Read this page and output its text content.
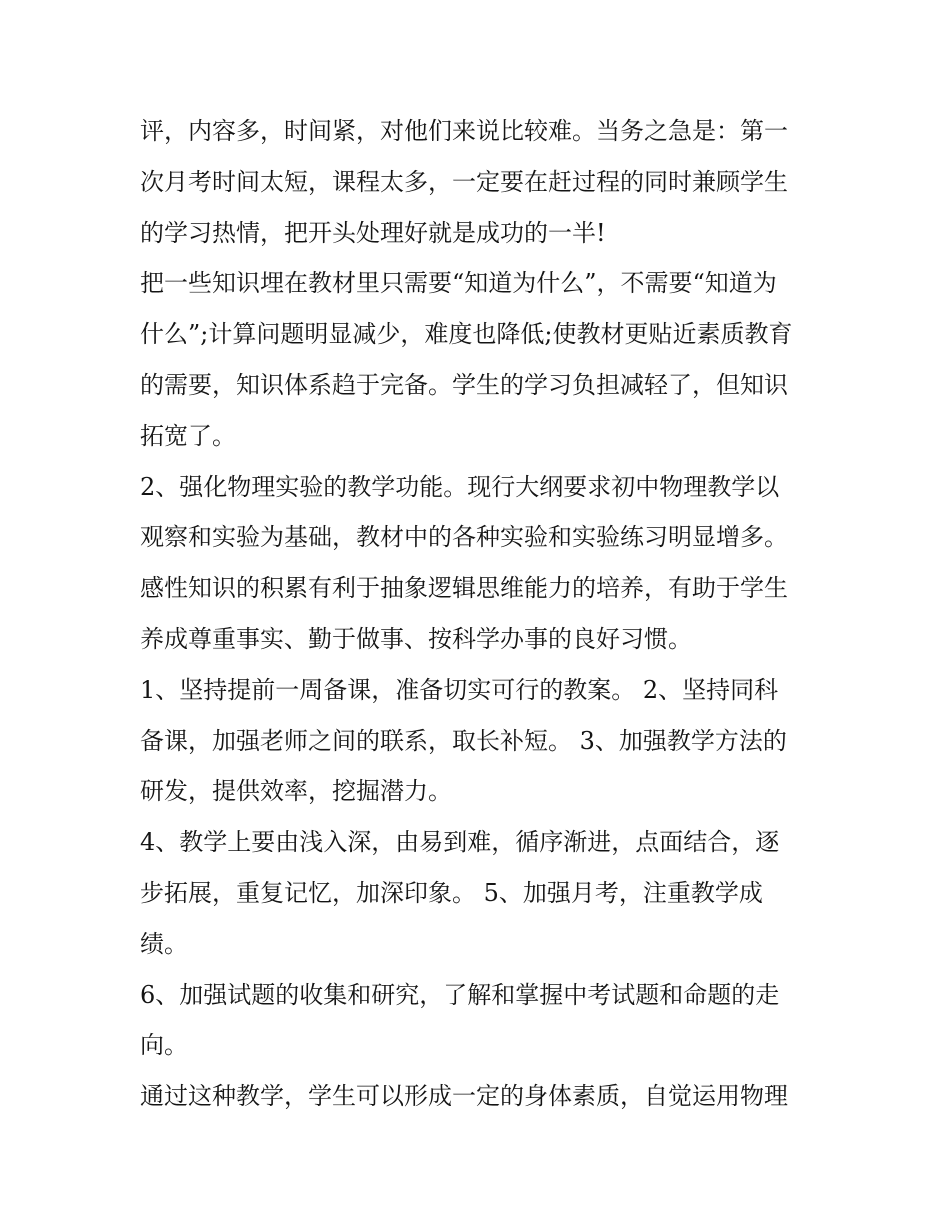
评，内容多，时间紧，对他们来说比较难。当务之急是：第一
次月考时间太短，课程太多，一定要在赶过程的同时兼顾学生
的学习热情，把开头处理好就是成功的一半!
把一些知识埋在教材里只需要“知道为什么”，不需要“知道为
什么”;计算问题明显减少，难度也降低;使教材更贴近素质教育
的需要，知识体系趋于完备。学生的学习负担减轻了，但知识
拓宽了。
2、强化物理实验的教学功能。现行大纲要求初中物理教学以
观察和实验为基础，教材中的各种实验和实验练习明显增多。
感性知识的积累有利于抽象逻辑思维能力的培养，有助于学生
养成尊重事实、勤于做事、按科学办事的良好习惯。
1、坚持提前一周备课，准备切实可行的教案。 2、坚持同科
备课，加强老师之间的联系，取长补短。 3、加强教学方法的
研发，提供效率，挖掘潜力。
4、教学上要由浅入深，由易到难，循序渐进，点面结合，逐
步拓展，重复记忆，加深印象。 5、加强月考，注重教学成
绩。
6、加强试题的收集和研究，了解和掌握中考试题和命题的走
向。
通过这种教学，学生可以形成一定的身体素质，自觉运用物理
